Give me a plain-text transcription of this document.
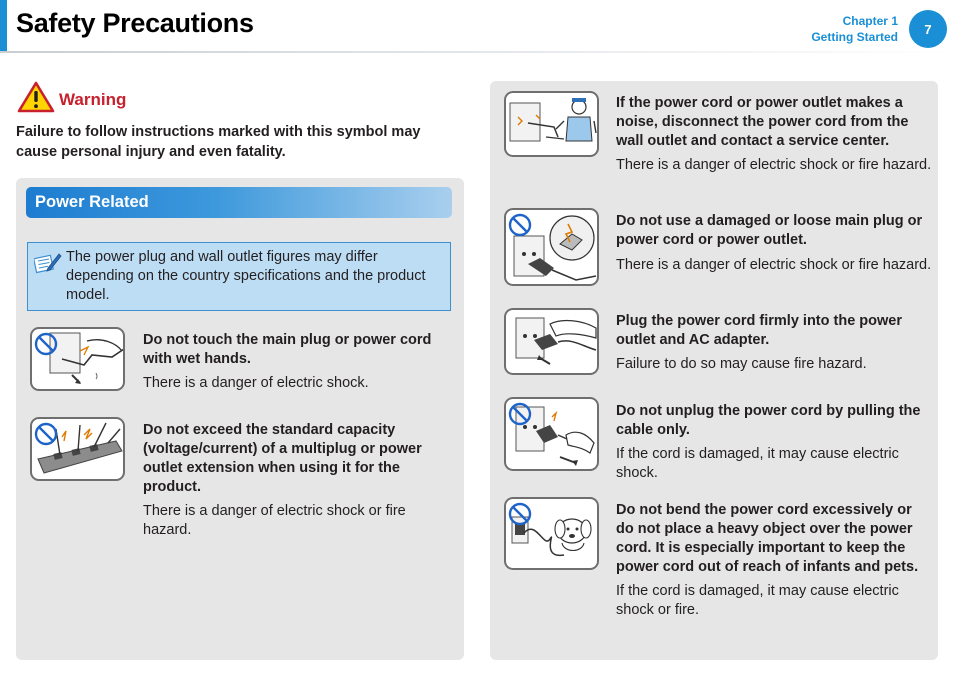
Safety Precautions	Chapter 1
Getting Started
7
Warning
Failure to follow instructions marked with this symbol may cause personal injury and even fatality.
Power Related
The power plug and wall outlet figures may differ depending on the country specifications and the product model.
Do not touch the main plug or power cord with wet hands.
There is a danger of electric shock.
Do not exceed the standard capacity (voltage/current) of a multiplug or power outlet extension when using it for the product.
There is a danger of electric shock or fire hazard.
If the power cord or power outlet makes a noise, disconnect the power cord from the wall outlet and contact a service center.
There is a danger of electric shock or fire hazard.
Do not use a damaged or loose main plug or power cord or power outlet.
There is a danger of electric shock or fire hazard.
Plug the power cord firmly into the power outlet and AC adapter.
Failure to do so may cause fire hazard.
Do not unplug the power cord by pulling the cable only.
If the cord is damaged, it may cause electric shock.
Do not bend the power cord excessively or do not place a heavy object over the power cord. It is especially important to keep the power cord out of reach of infants and pets.
If the cord is damaged, it may cause electric shock or fire.
